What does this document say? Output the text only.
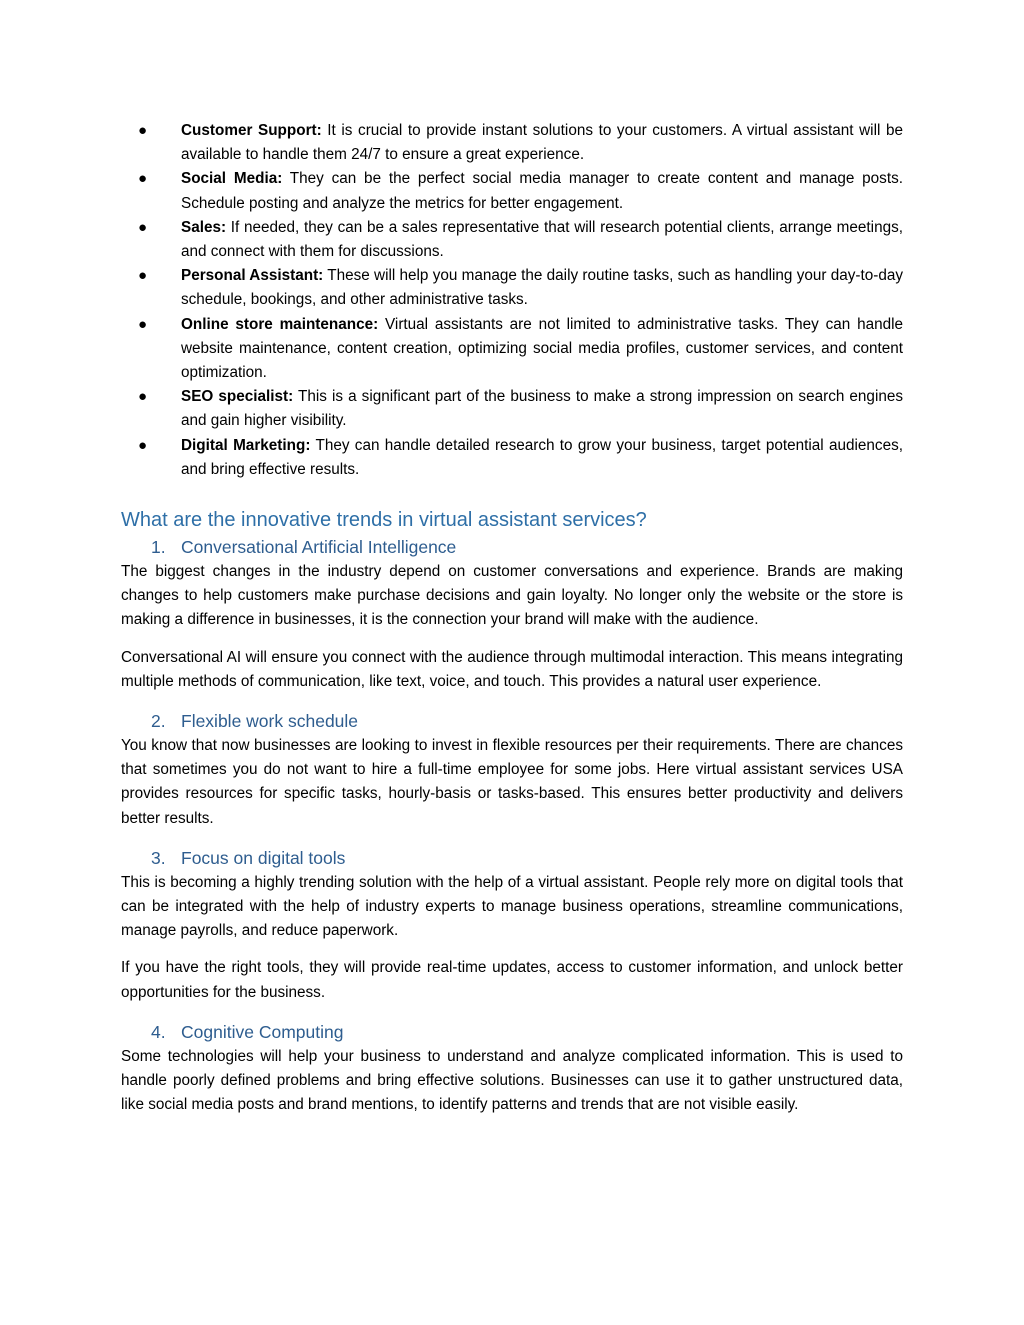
● Customer Support: It is crucial to provide instant solutions to your customers. A virtual assistant will be available to handle them 24/7 to ensure a great experience.
● Social Media: They can be the perfect social media manager to create content and manage posts. Schedule posting and analyze the metrics for better engagement.
● Sales: If needed, they can be a sales representative that will research potential clients, arrange meetings, and connect with them for discussions.
● Personal Assistant: These will help you manage the daily routine tasks, such as handling your day-to-day schedule, bookings, and other administrative tasks.
● Online store maintenance: Virtual assistants are not limited to administrative tasks. They can handle website maintenance, content creation, optimizing social media profiles, customer services, and content optimization.
● SEO specialist: This is a significant part of the business to make a strong impression on search engines and gain higher visibility.
● Digital Marketing: They can handle detailed research to grow your business, target potential audiences, and bring effective results.
What are the innovative trends in virtual assistant services?
1. Conversational Artificial Intelligence

The biggest changes in the industry depend on customer conversations and experience. Brands are making changes to help customers make purchase decisions and gain loyalty. No longer only the website or the store is making a difference in businesses, it is the connection your brand will make with the audience.

Conversational AI will ensure you connect with the audience through multimodal interaction. This means integrating multiple methods of communication, like text, voice, and touch. This provides a natural user experience.

2. Flexible work schedule

You know that now businesses are looking to invest in flexible resources per their requirements. There are chances that sometimes you do not want to hire a full-time employee for some jobs. Here virtual assistant services USA provides resources for specific tasks, hourly-basis or tasks-based. This ensures better productivity and delivers better results.

3. Focus on digital tools

This is becoming a highly trending solution with the help of a virtual assistant. People rely more on digital tools that can be integrated with the help of industry experts to manage business operations, streamline communications, manage payrolls, and reduce paperwork.

If you have the right tools, they will provide real-time updates, access to customer information, and unlock better opportunities for the business.

4. Cognitive Computing

Some technologies will help your business to understand and analyze complicated information. This is used to handle poorly defined problems and bring effective solutions. Businesses can use it to gather unstructured data, like social media posts and brand mentions, to identify patterns and trends that are not visible easily.
